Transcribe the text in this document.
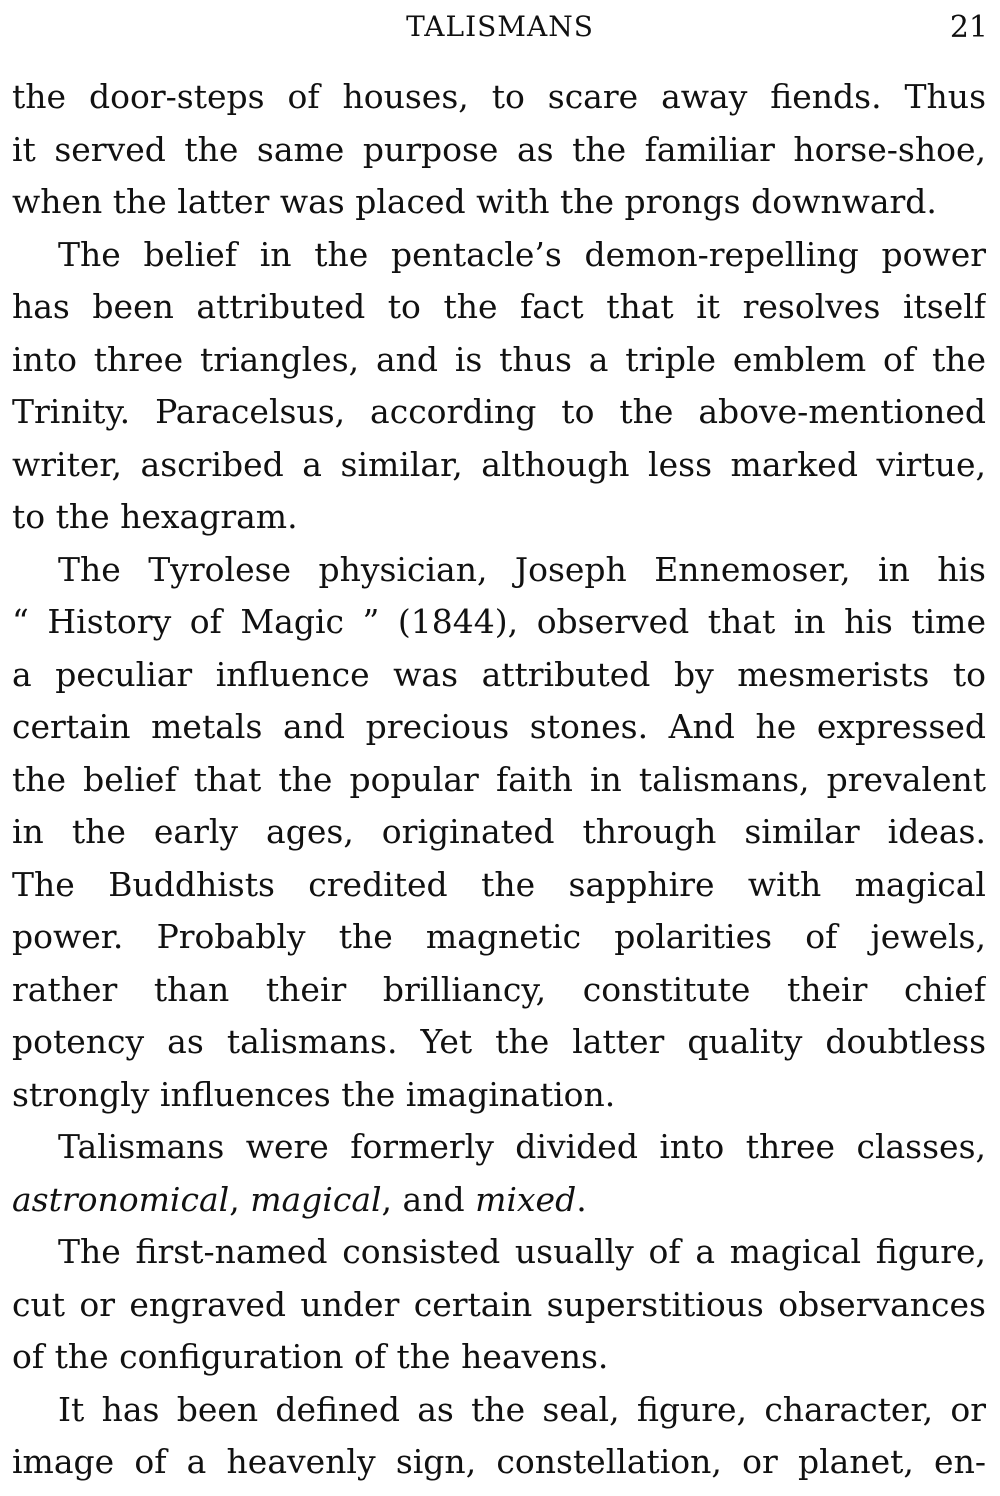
TALISMANS	21
the door-steps of houses, to scare away fiends. Thus
it served the same purpose as the familiar horse-shoe,
when the latter was placed with the prongs downward.
The belief in the pentacle’s demon-repelling power
has been attributed to the fact that it resolves itself
into three triangles, and is thus a triple emblem of the
Trinity. Paracelsus, according to the above-mentioned
writer, ascribed a similar, although less marked virtue,
to the hexagram.
The Tyrolese physician, Joseph Ennemoser, in his
“ History of Magic ” (1844), observed that in his time
a peculiar influence was attributed by mesmerists to
certain metals and precious stones. And he expressed
the belief that the popular faith in talismans, prevalent
in the early ages, originated through similar ideas.
The Buddhists credited the sapphire with magical
power. Probably the magnetic polarities of jewels,
rather than their brilliancy, constitute their chief
potency as talismans. Yet the latter quality doubtless
strongly influences the imagination.
Talismans were formerly divided into three classes,
astronomical, magical, and mixed.
The first-named consisted usually of a magical figure,
cut or engraved under certain superstitious observances
of the configuration of the heavens.
It has been defined as the seal, figure, character, or
image of a heavenly sign, constellation, or planet, en-
